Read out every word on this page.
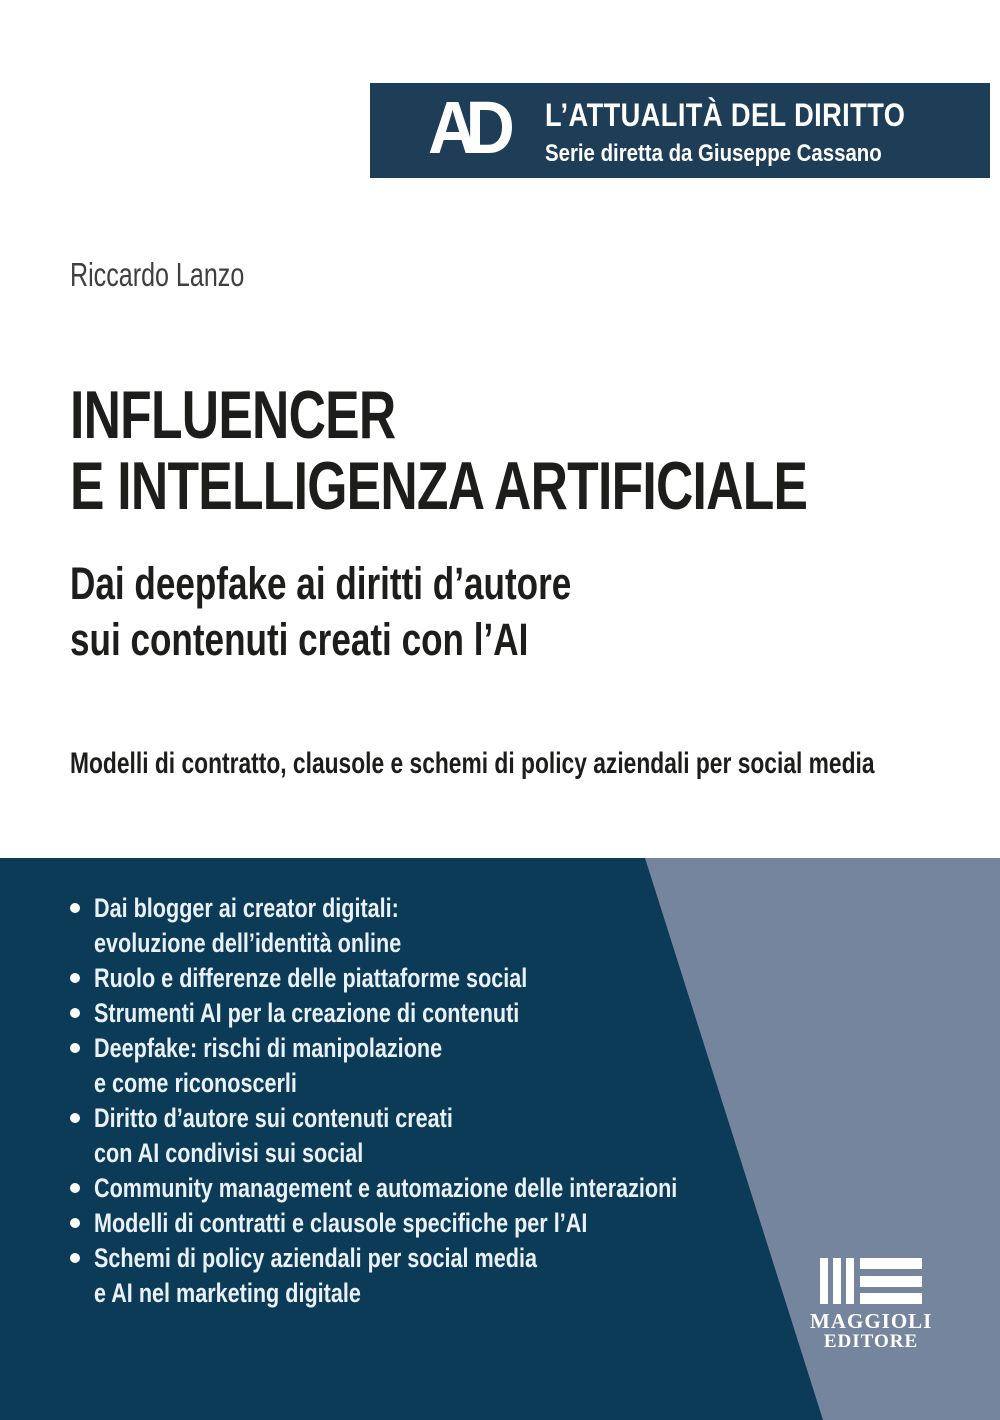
AD	L’ATTUALITÀ DEL DIRITTO
Serie diretta da Giuseppe Cassano
Riccardo Lanzo
INFLUENCER
E INTELLIGENZA ARTIFICIALE
Dai deepfake ai diritti d’autore
sui contenuti creati con l’AI
Modelli di contratto, clausole e schemi di policy aziendali per social media
Dai blogger ai creator digitali:
evoluzione dell’identità online
Ruolo e differenze delle piattaforme social
Strumenti AI per la creazione di contenuti
Deepfake: rischi di manipolazione
e come riconoscerli
Diritto d’autore sui contenuti creati
con AI condivisi sui social
Community management e automazione delle interazioni
Modelli di contratti e clausole specifiche per l’AI
Schemi di policy aziendali per social media
e AI nel marketing digitale
MAGGIOLI
EDITORE
